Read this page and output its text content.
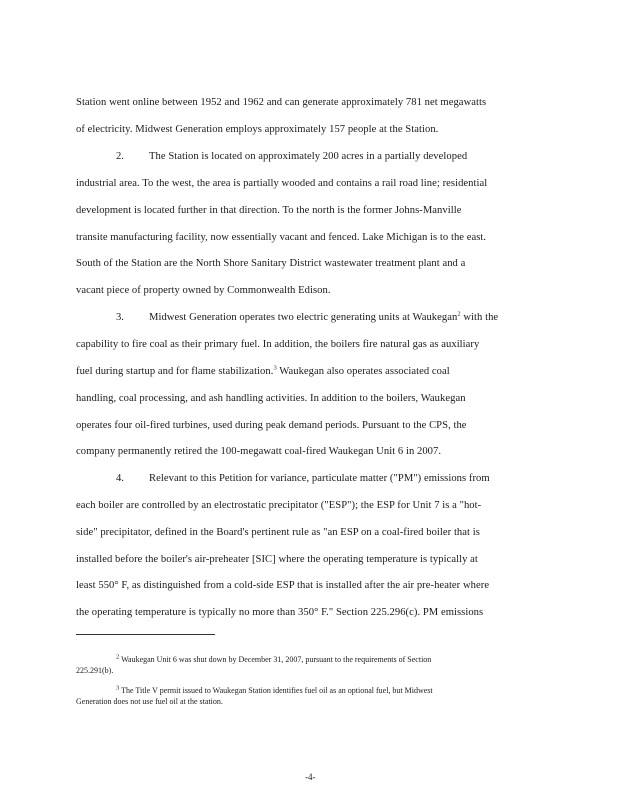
Station went online between 1952 and 1962 and can generate approximately 781 net megawatts
of electricity. Midwest Generation employs approximately 157 people at the Station.
2. The Station is located on approximately 200 acres in a partially developed
industrial area. To the west, the area is partially wooded and contains a rail road line; residential
development is located further in that direction. To the north is the former Johns-Manville
transite manufacturing facility, now essentially vacant and fenced. Lake Michigan is to the east.
South of the Station are the North Shore Sanitary District wastewater treatment plant and a
vacant piece of property owned by Commonwealth Edison.
3. Midwest Generation operates two electric generating units at Waukegan$^2$ with the
capability to fire coal as their primary fuel. In addition, the boilers fire natural gas as auxiliary
fuel during startup and for flame stabilization.$^3$ Waukegan also operates associated coal
handling, coal processing, and ash handling activities. In addition to the boilers, Waukegan
operates four oil-fired turbines, used during peak demand periods. Pursuant to the CPS, the
company permanently retired the 100-megawatt coal-fired Waukegan Unit 6 in 2007.
4. Relevant to this Petition for variance, particulate matter ("PM") emissions from
each boiler are controlled by an electrostatic precipitator ("ESP"); the ESP for Unit 7 is a "hot-
side" precipitator, defined in the Board's pertinent rule as "an ESP on a coal-fired boiler that is
installed before the boiler's air-preheater [SIC] where the operating temperature is typically at
least 550° F, as distinguished from a cold-side ESP that is installed after the air pre-heater where
the operating temperature is typically no more than 350° F." Section 225.296(c). PM emissions
$^2$ Waukegan Unit 6 was shut down by December 31, 2007, pursuant to the requirements of Section
225.291(b).
$^3$ The Title V permit issued to Waukegan Station identifies fuel oil as an optional fuel, but Midwest
Generation does not use fuel oil at the station.
-4-
